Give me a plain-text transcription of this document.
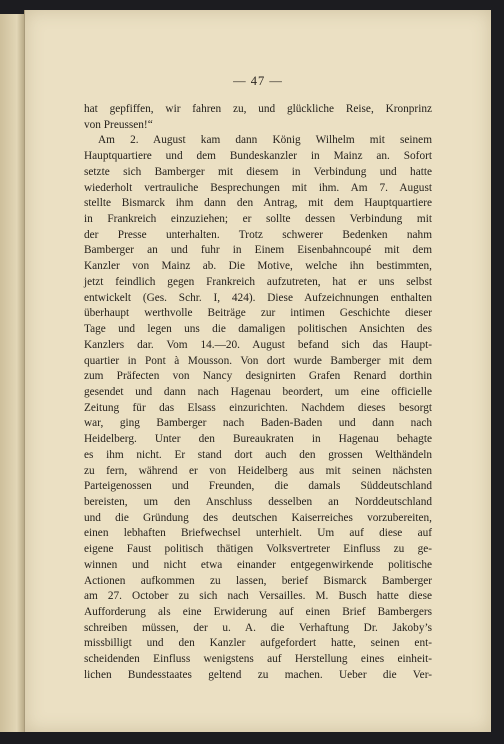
— 47 —
hat gepfiffen, wir fahren zu, und glückliche Reise, Kronprinz
von Preussen!“
Am 2. August kam dann König Wilhelm mit seinem
Hauptquartiere und dem Bundeskanzler in Mainz an. Sofort
setzte sich Bamberger mit diesem in Verbindung und hatte
wiederholt vertrauliche Besprechungen mit ihm. Am 7. August
stellte Bismarck ihm dann den Antrag, mit dem Hauptquartiere
in Frankreich einzuziehen; er sollte dessen Verbindung mit
der Presse unterhalten. Trotz schwerer Bedenken nahm
Bamberger an und fuhr in Einem Eisenbahncoupé mit dem
Kanzler von Mainz ab. Die Motive, welche ihn bestimmten,
jetzt feindlich gegen Frankreich aufzutreten, hat er uns selbst
entwickelt (Ges. Schr. I, 424). Diese Aufzeichnungen enthalten
überhaupt werthvolle Beiträge zur intimen Geschichte dieser
Tage und legen uns die damaligen politischen Ansichten des
Kanzlers dar. Vom 14.—20. August befand sich das Haupt-
quartier in Pont à Mousson. Von dort wurde Bamberger mit dem
zum Präfecten von Nancy designirten Grafen Renard dorthin
gesendet und dann nach Hagenau beordert, um eine officielle
Zeitung für das Elsass einzurichten. Nachdem dieses besorgt
war, ging Bamberger nach Baden-Baden und dann nach
Heidelberg. Unter den Bureaukraten in Hagenau behagte
es ihm nicht. Er stand dort auch den grossen Welthändeln
zu fern, während er von Heidelberg aus mit seinen nächsten
Parteigenossen und Freunden, die damals Süddeutschland
bereisten, um den Anschluss desselben an Norddeutschland
und die Gründung des deutschen Kaiserreiches vorzubereiten,
einen lebhaften Briefwechsel unterhielt. Um auf diese auf
eigene Faust politisch thätigen Volksvertreter Einfluss zu ge-
winnen und nicht etwa einander entgegenwirkende politische
Actionen aufkommen zu lassen, berief Bismarck Bamberger
am 27. October zu sich nach Versailles. M. Busch hatte diese
Aufforderung als eine Erwiderung auf einen Brief Bambergers
schreiben müssen, der u. A. die Verhaftung Dr. Jakoby’s
missbilligt und den Kanzler aufgefordert hatte, seinen ent-
scheidenden Einfluss wenigstens auf Herstellung eines einheit-
lichen Bundesstaates geltend zu machen. Ueber die Ver-
